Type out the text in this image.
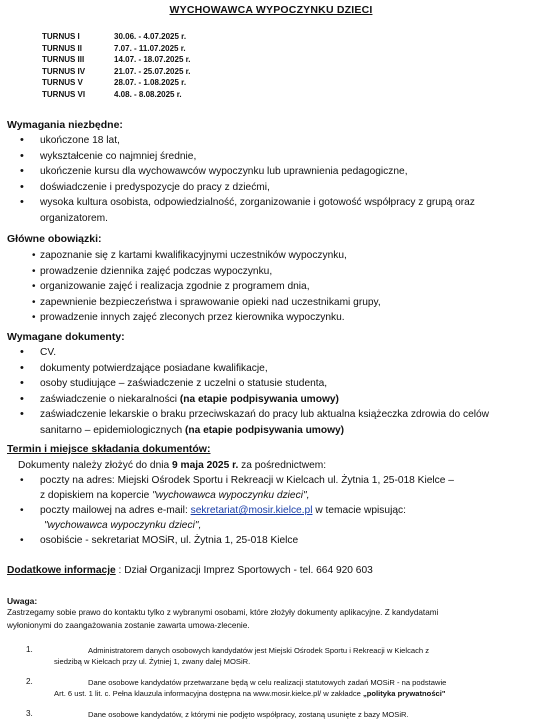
WYCHOWAWCA WYPOCZYNKU DZIECI
TURNUS I	30.06. - 4.07.2025 r.
TURNUS II	7.07. - 11.07.2025 r.
TURNUS III	14.07. - 18.07.2025 r.
TURNUS IV	21.07. - 25.07.2025 r.
TURNUS V	28.07. - 1.08.2025 r.
TURNUS VI	4.08. - 8.08.2025 r.
Wymagania niezbędne:
• ukończone 18 lat,
• wykształcenie co najmniej średnie,
• ukończenie kursu dla wychowawców wypoczynku lub uprawnienia pedagogiczne,
• doświadczenie i predyspozycje do pracy z dziećmi,
• wysoka kultura osobista, odpowiedzialność, zorganizowanie i gotowość współpracy z grupą oraz
organizatorem.
Główne obowiązki:
• zapoznanie się z kartami kwalifikacyjnymi uczestników wypoczynku,
• prowadzenie dziennika zajęć podczas wypoczynku,
• organizowanie zajęć i realizacja zgodnie z programem dnia,
• zapewnienie bezpieczeństwa i sprawowanie opieki nad uczestnikami grupy,
• prowadzenie innych zajęć zleconych przez kierownika wypoczynku.
Wymagane dokumenty:
• CV.
• dokumenty potwierdzające posiadane kwalifikacje,
• osoby studiujące – zaświadczenie z uczelni o statusie studenta,
• zaświadczenie o niekaralności (na etapie podpisywania umowy)
• zaświadczenie lekarskie o braku przeciwskazań do pracy lub aktualna książeczka zdrowia do celów
sanitarno – epidemiologicznych (na etapie podpisywania umowy)
Termin i miejsce składania dokumentów:
Dokumenty należy złożyć do dnia 9 maja 2025 r. za pośrednictwem:
• poczty na adres: Miejski Ośrodek Sportu i Rekreacji w Kielcach ul. Żytnia 1, 25-018 Kielce –
z dopiskiem na kopercie "wychowawca wypoczynku dzieci",
• poczty mailowej na adres e-mail: sekretariat@mosir.kielce.pl w temacie wpisując:
"wychowawca wypoczynku dzieci",
• osobiście - sekretariat MOSiR, ul. Żytnia 1, 25-018 Kielce
Dodatkowe informacje : Dział Organizacji Imprez Sportowych - tel. 664 920 603
Uwaga:
Zastrzegamy sobie prawo do kontaktu tylko z wybranymi osobami, które złożyły dokumenty aplikacyjne. Z kandydatami
wyłonionymi do zaangażowania zostanie zawarta umowa-zlecenie.
1.	Administratorem danych osobowych kandydatów jest Miejski Ośrodek Sportu i Rekreacji w Kielcach z
siedzibą w Kielcach przy ul. Żytniej 1, zwany dalej MOSiR.
2.	Dane osobowe kandydatów przetwarzane będą w celu realizacji statutowych zadań MOSiR - na podstawie
Art. 6 ust. 1 lit. c. Pełna klauzula informacyjna dostępna na www.mosir.kielce.pl/ w zakładce „polityka prywatności"
3.	Dane osobowe kandydatów, z którymi nie podjęto współpracy, zostaną usunięte z bazy MOSiR.
